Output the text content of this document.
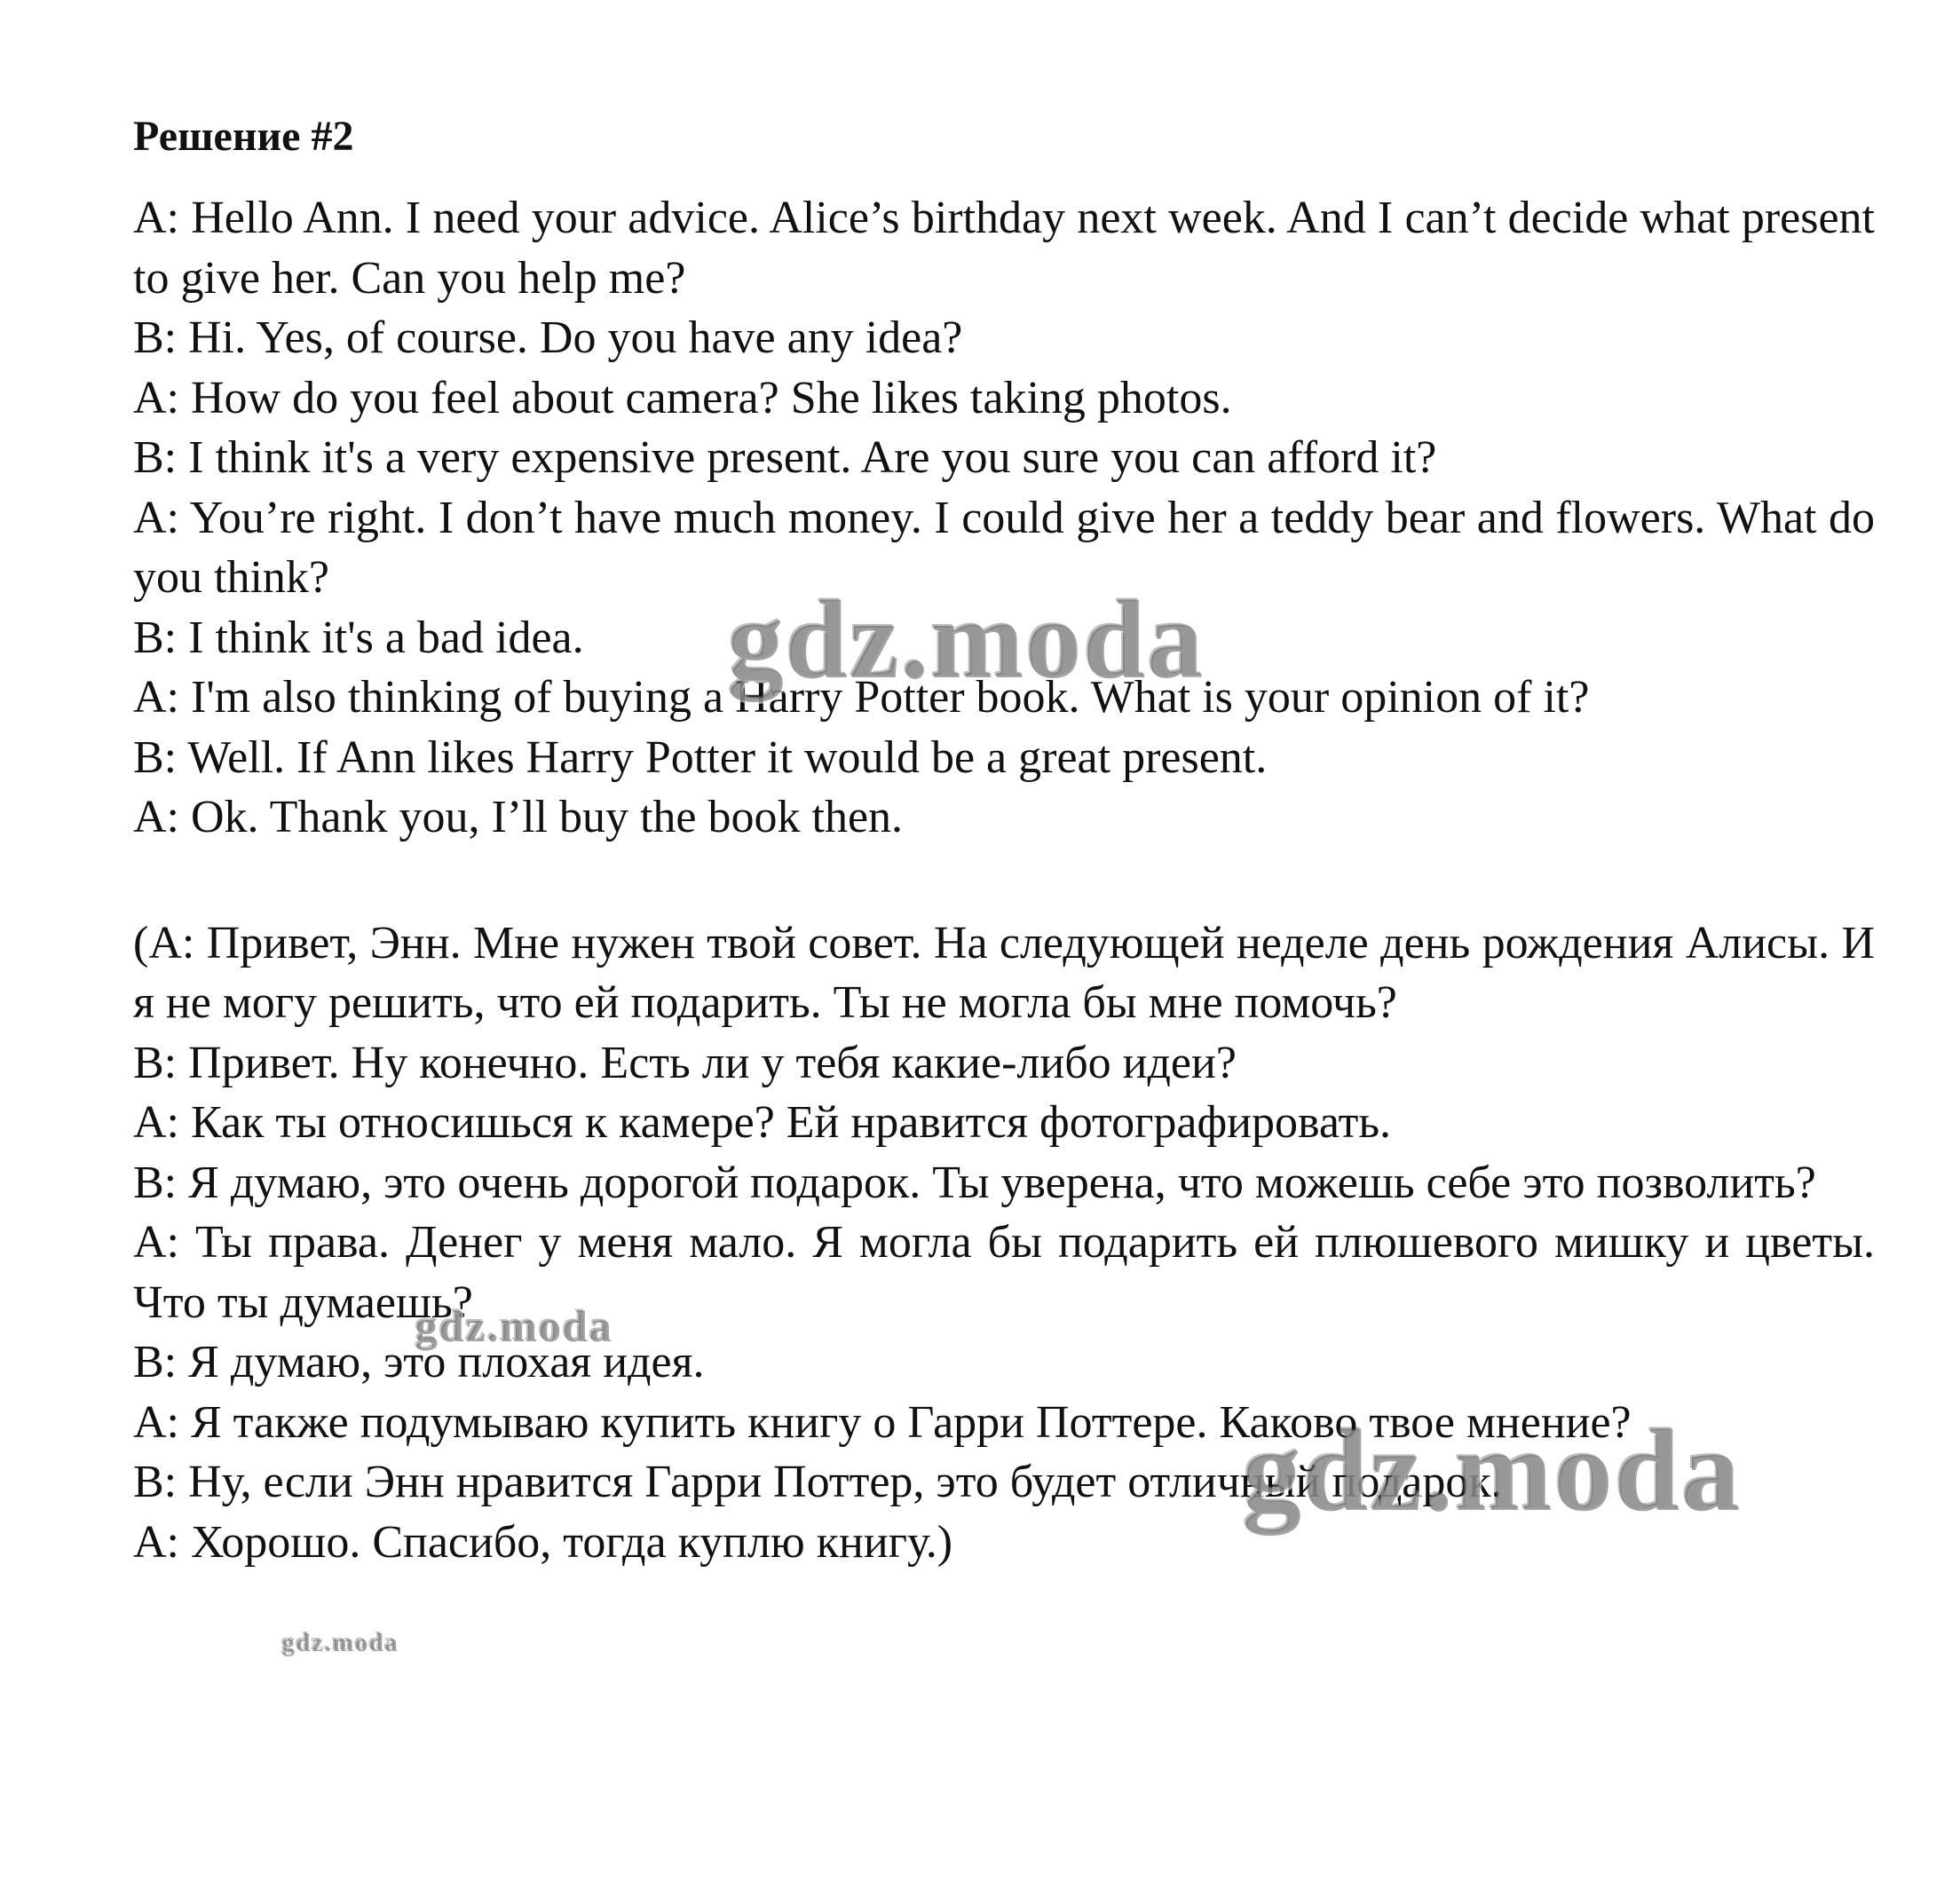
Решение #2
A: Hello Ann. I need your advice. Alice’s birthday next week. And I can’t decide what present to give her. Can you help me?
B: Hi. Yes, of course. Do you have any idea?
A: How do you feel about camera? She likes taking photos.
B: I think it's a very expensive present. Are you sure you can afford it?
A: You’re right. I don’t have much money. I could give her a teddy bear and flowers. What do you think?
B: I think it's a bad idea.
A: I'm also thinking of buying a Harry Potter book. What is your opinion of it?
B: Well. If Ann likes Harry Potter it would be a great present.
A: Ok. Thank you, I’ll buy the book then.
(A: Привет, Энн. Мне нужен твой совет. На следующей неделе день рождения Алисы. И я не могу решить, что ей подарить. Ты не могла бы мне помочь?
B: Привет. Ну конечно. Есть ли у тебя какие-либо идеи?
A: Как ты относишься к камере? Ей нравится фотографировать.
B: Я думаю, это очень дорогой подарок. Ты уверена, что можешь себе это позволить?
A: Ты права. Денег у меня мало. Я могла бы подарить ей плюшевого мишку и цветы. Что ты думаешь?
B: Я думаю, это плохая идея.
A: Я также подумываю купить книгу о Гарри Поттере. Каково твое мнение?
B: Ну, если Энн нравится Гарри Поттер, это будет отличный подарок.
A: Хорошо. Спасибо, тогда куплю книгу.)
gdz.moda
gdz.moda
gdz.moda
gdz.moda
